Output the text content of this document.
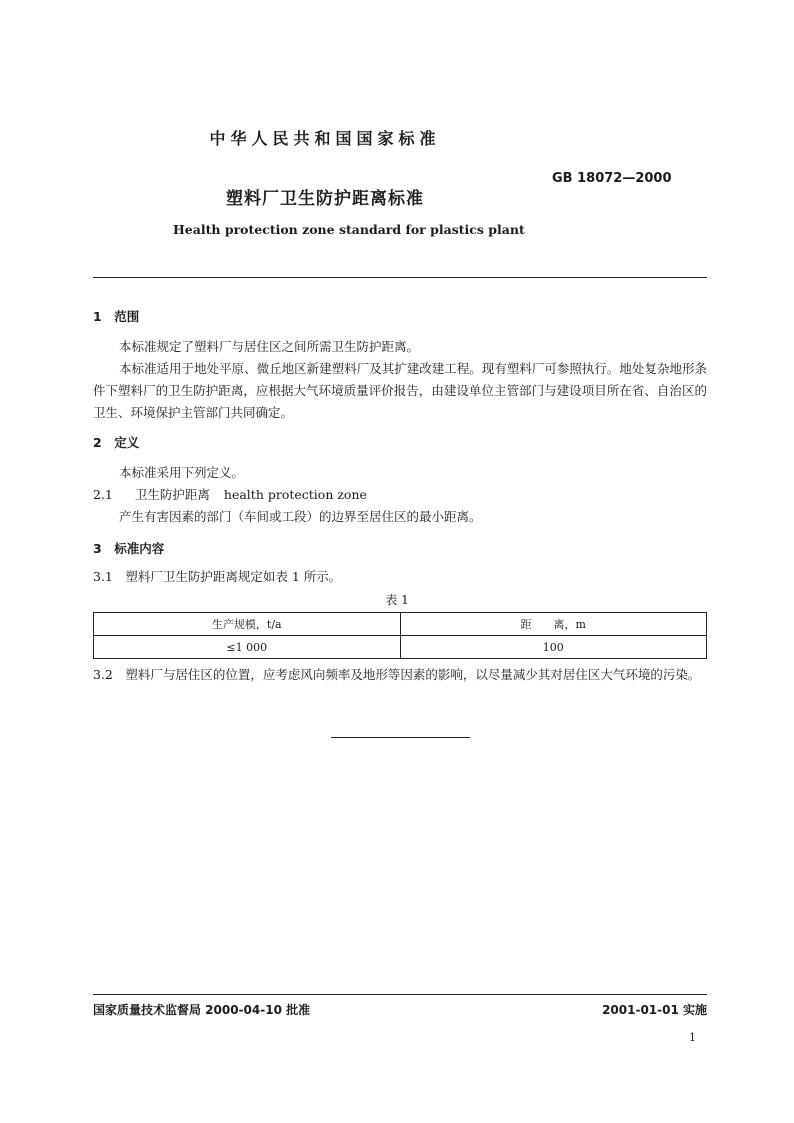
中华人民共和国国家标准
GB 18072—2000
塑料厂卫生防护距离标准
Health protection zone standard for plastics plant
1　范围
本标准规定了塑料厂与居住区之间所需卫生防护距离。
本标准适用于地处平原、微丘地区新建塑料厂及其扩建改建工程。现有塑料厂可参照执行。地处复杂地形条件下塑料厂的卫生防护距离，应根据大气环境质量评价报告，由建设单位主管部门与建设项目所在省、自治区的卫生、环境保护主管部门共同确定。
2　定义
本标准采用下列定义。
2.1 卫生防护距离 health protection zone
产生有害因素的部门（车间或工段）的边界至居住区的最小距离。
3　标准内容
3.1　塑料厂卫生防护距离规定如表 1 所示。
表 1
生产规模，t/a	距　　离，m
≤1 000	100
3.2　塑料厂与居住区的位置，应考虑风向频率及地形等因素的影响，以尽量减少其对居住区大气环境的污染。
国家质量技术监督局 2000-04-10 批准	2001-01-01 实施
1
